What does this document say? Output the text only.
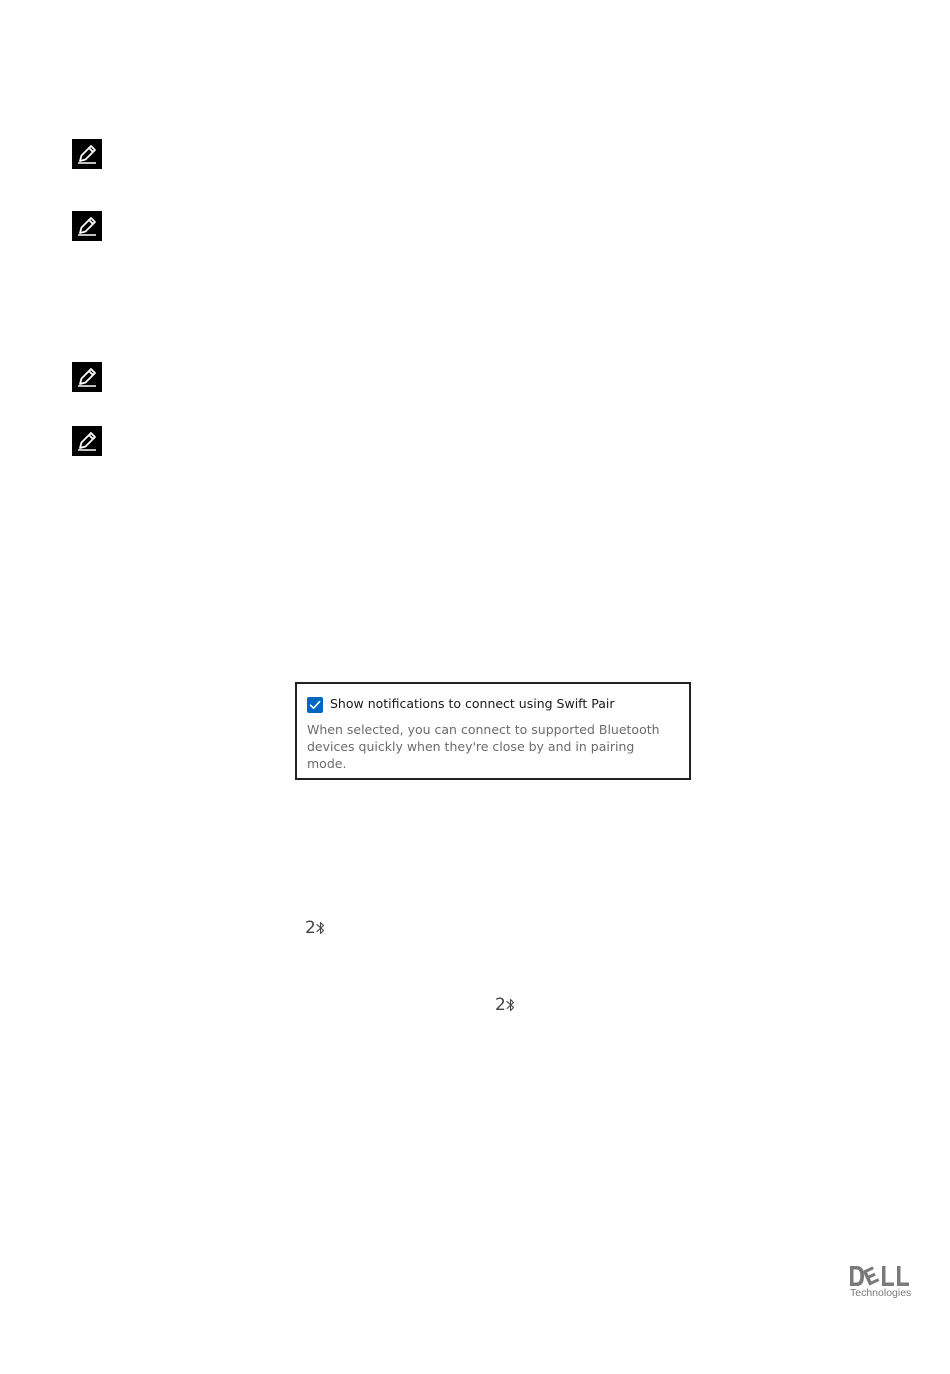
Show notifications to connect using Swift Pair

When selected, you can connect to supported Bluetooth devices quickly when they're close by and in pairing mode.

2
2
Technologies
